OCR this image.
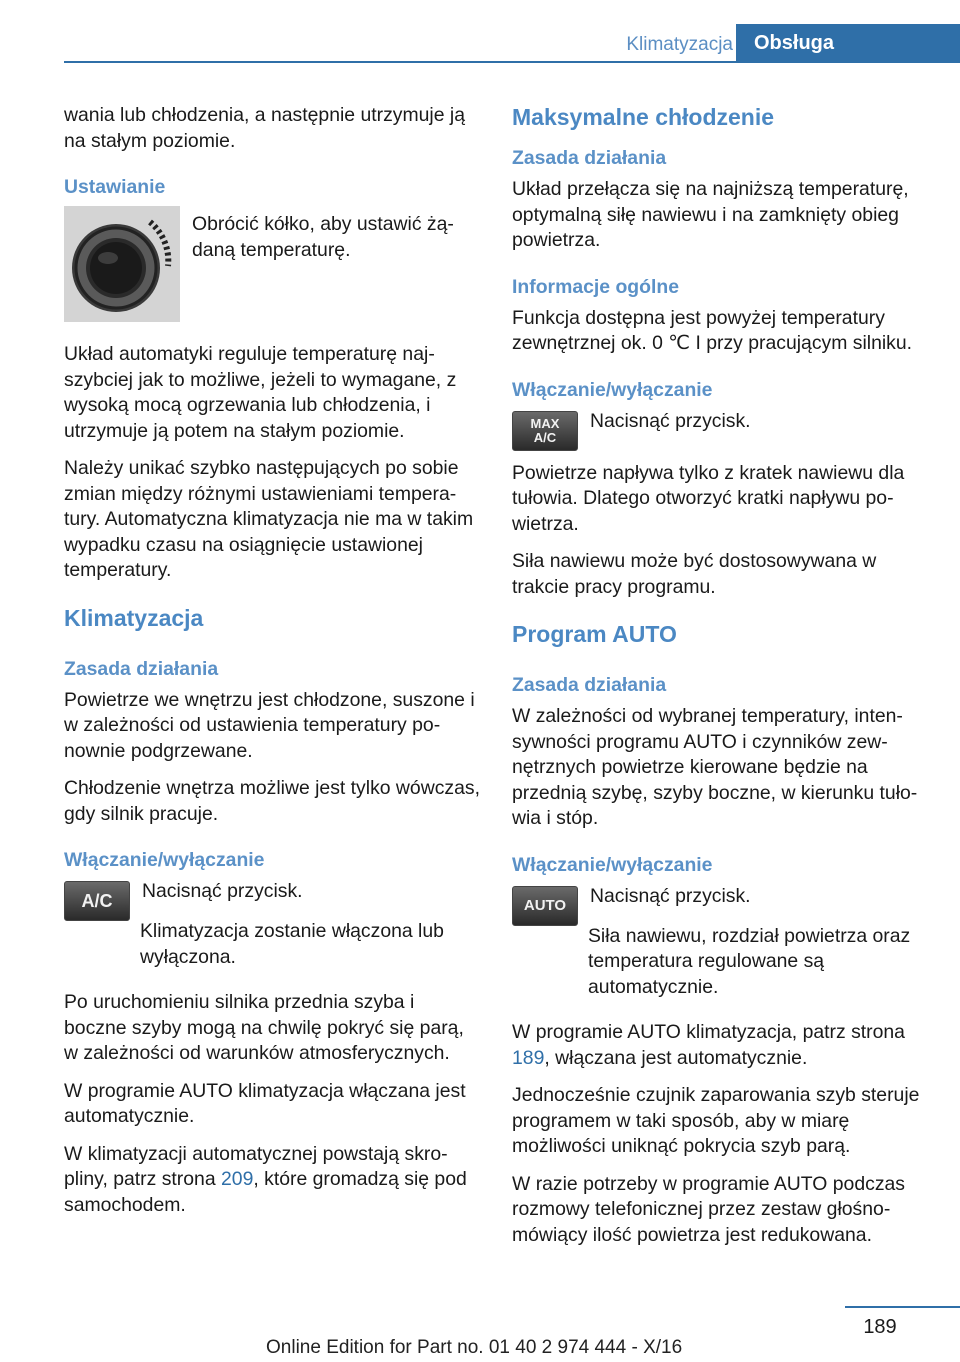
Klimatyzacja	Obsługa

wania lub chłodzenia, a następnie utrzymuje ją na stałym poziomie.

Ustawianie

Obrócić kółko, aby ustawić żądaną temperaturę.

Układ automatyki reguluje temperaturę najszybciej jak to możliwe, jeżeli to wymagane, z wysoką mocą ogrzewania lub chłodzenia, i utrzymuje ją potem na stałym poziomie.

Należy unikać szybko następujących po sobie zmian między różnymi ustawieniami temperatury. Automatyczna klimatyzacja nie ma w takim wypadku czasu na osiągnięcie ustawionej temperatury.

Klimatyzacja
Zasada działania

Powietrze we wnętrzu jest chłodzone, suszone i w zależności od ustawienia temperatury ponownie podgrzewane.

Chłodzenie wnętrza możliwe jest tylko wówczas, gdy silnik pracuje.

Włączanie/wyłączanie
A/C	Nacisnąć przycisk.

Klimatyzacja zostanie włączona lub wyłączona.

Po uruchomieniu silnika przednia szyba i boczne szyby mogą na chwilę pokryć się parą, w zależności od warunków atmosferycznych.

W programie AUTO klimatyzacja włączana jest automatycznie.

W klimatyzacji automatycznej powstają skropliny, patrz strona 209, które gromadzą się pod samochodem.

Maksymalne chłodzenie
Zasada działania

Układ przełącza się na najniższą temperaturę, optymalną siłę nawiewu i na zamknięty obieg powietrza.

Informacje ogólne

Funkcja dostępna jest powyżej temperatury zewnętrznej ok. 0 ℃ I przy pracującym silniku.

Włączanie/wyłączanie
MAX
A/C

Nacisnąć przycisk.

Powietrze napływa tylko z kratek nawiewu dla tułowia. Dlatego otworzyć kratki napływu powietrza.

Siła nawiewu może być dostosowywana w trakcie pracy programu.

Program AUTO
Zasada działania

W zależności od wybranej temperatury, intensywności programu AUTO i czynników zewnętrznych powietrze kierowane będzie na przednią szybę, szyby boczne, w kierunku tułowia i stóp.

Włączanie/wyłączanie
AUTO	Nacisnąć przycisk.

Siła nawiewu, rozdział powietrza oraz temperatura regulowane są automatycznie.

W programie AUTO klimatyzacja, patrz strona 189, włączana jest automatycznie.

Jednocześnie czujnik zaparowania szyb steruje programem w taki sposób, aby w miarę możliwości uniknąć pokrycia szyb parą.

W razie potrzeby w programie AUTO podczas rozmowy telefonicznej przez zestaw głośnomówiący ilość powietrza jest redukowana.

189
Online Edition for Part no. 01 40 2 974 444 - X/16
